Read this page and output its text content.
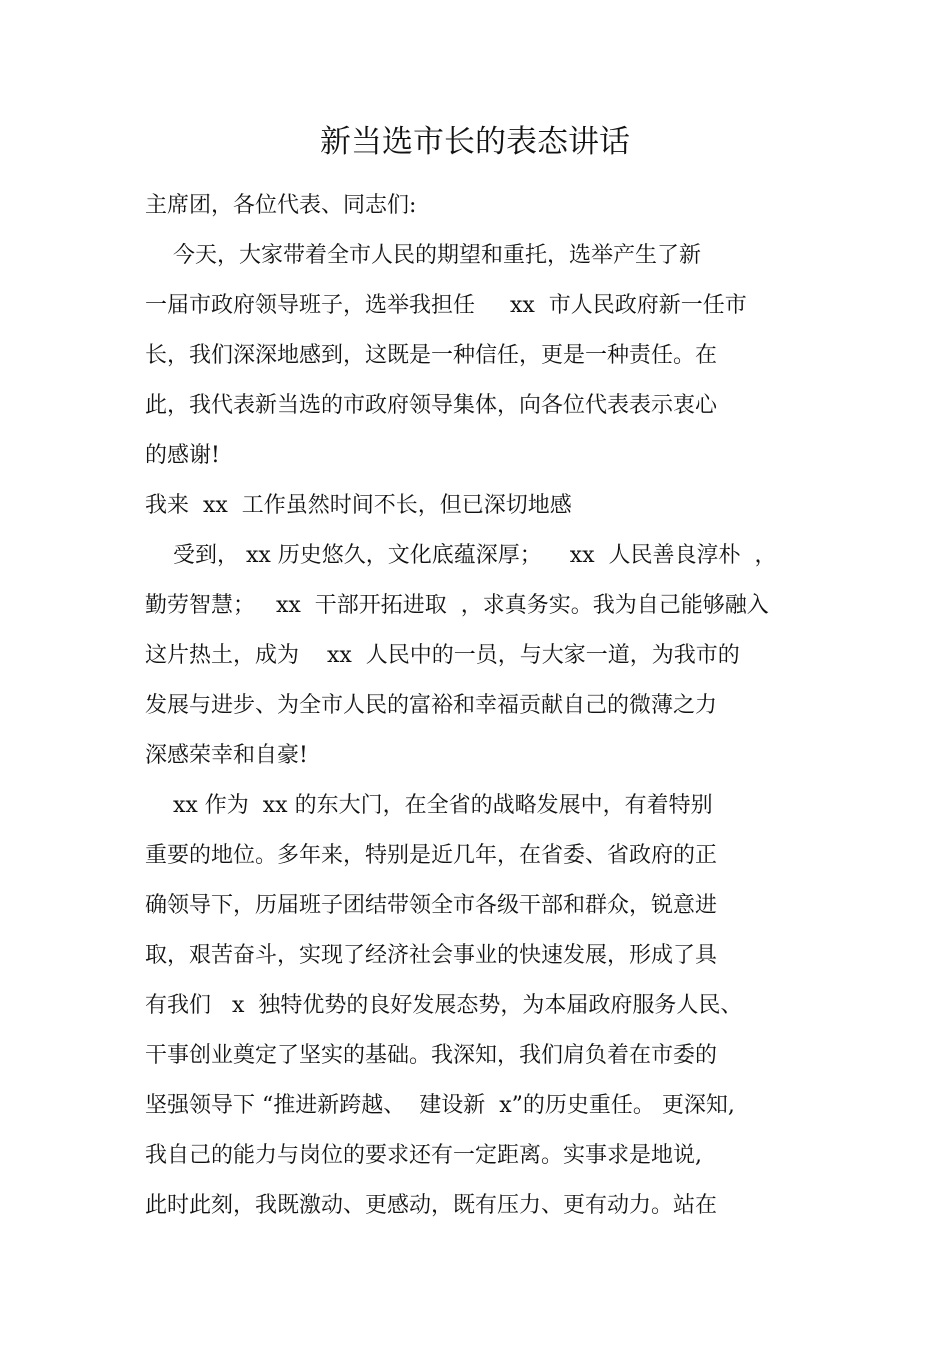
新当选市长的表态讲话
主席团，各位代表、同志们:
今天，大家带着全市人民的期望和重托，选举产生了新
一届市政府领导班子，选举我担任     xx  市人民政府新一任市
长，我们深深地感到，这既是一种信任，更是一种责任。在
此，我代表新当选的市政府领导集体，向各位代表表示衷心
的感谢!
我来  xx  工作虽然时间不长，但已深切地感
受到， xx 历史悠久，文化底蕴深厚；    xx  人民善良淳朴  ，
勤劳智慧；   xx  干部开拓进取  ，求真务实。我为自己能够融入
这片热土，成为    xx  人民中的一员，与大家一道，为我市的
发展与进步、为全市人民的富裕和幸福贡献自己的微薄之力
深感荣幸和自豪!
xx 作为  xx 的东大门，在全省的战略发展中，有着特别
重要的地位。多年来，特别是近几年，在省委、省政府的正
确领导下，历届班子团结带领全市各级干部和群众，锐意进
取，艰苦奋斗，实现了经济社会事业的快速发展，形成了具
有我们   x  独特优势的良好发展态势，为本届政府服务人民、
干事创业奠定了坚实的基础。我深知，我们肩负着在市委的
坚强领导下 “推进新跨越、  建设新  x”的历史重任。 更深知,
我自己的能力与岗位的要求还有一定距离。实事求是地说,
此时此刻，我既激动、更感动，既有压力、更有动力。站在
